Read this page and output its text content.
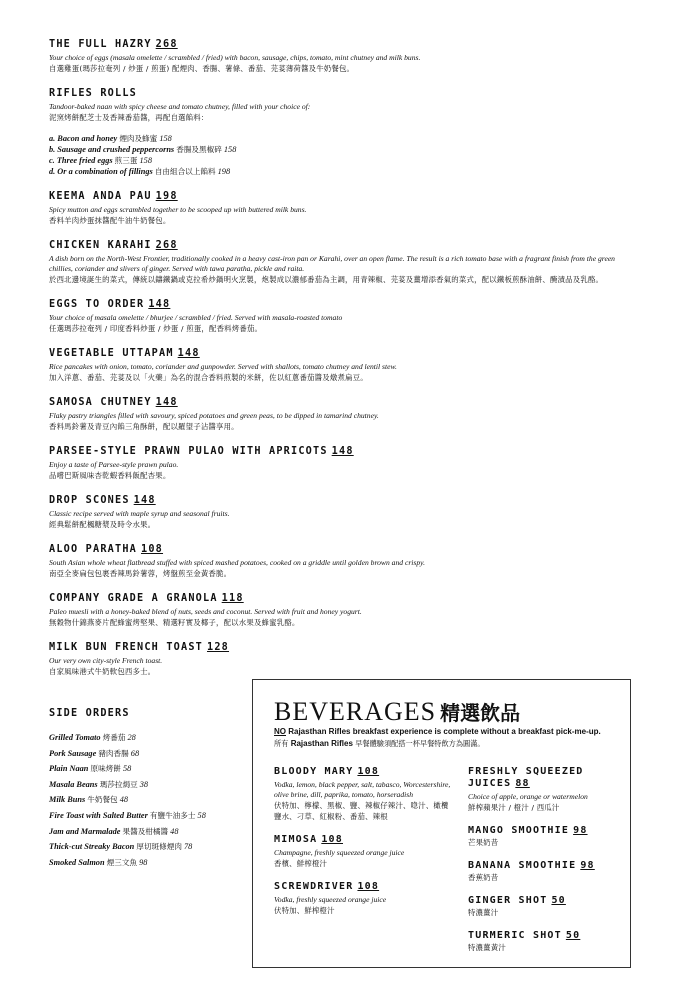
THE FULL HAZRY 268
Your choice of eggs (masala omelette / scrambled / fried) with bacon, sausage, chips, tomato, mint chutney and milk buns.
自選雞蛋(瑪莎拉奄列 / 炒蛋 / 煎蛋) 配煙肉、香腸、薯條、番茄、芫荽薄荷醬及牛奶餐包。
RIFLES ROLLS
Tandoor-baked naan with spicy cheese and tomato chutney, filled with your choice of:
泥窯烤餅配芝士及香辣番茄醬，再配自選餡料：
a. Bacon and honey 煙肉及蜂蜜 158
b. Sausage and crushed peppercorns 香腸及黑椒碎 158
c. Three fried eggs 煎三蛋 158
d. Or a combination of fillings 自由組合以上餡料 198
KEEMA ANDA PAU 198
Spicy mutton and eggs scrambled together to be scooped up with buttered milk buns.
香料羊肉炒蛋抹醬配牛油牛奶餐包。
CHICKEN KARAHI 268
A dish born on the North-West Frontier, traditionally cooked in a heavy cast-iron pan or Karahi, over an open flame. The result is a rich tomato base with a fragrant finish from the green chillies, coriander and slivers of ginger. Served with tawa paratha, pickle and raita.
於西北邊境誕生的菜式，傳統以鑄鐵鍋或克拉希炒鍋明火烹製，炮製成以濃郁番茄為主調，用青辣椒、芫荽及薑增添香氣的菜式，配以鐵板煎酥油餅、醃漬品及乳酪。
EGGS TO ORDER 148
Your choice of masala omelette / bhurjee / scrambled / fried. Served with masala-roasted tomato
任選瑪莎拉奄列 / 印度香料炒蛋 / 炒蛋 / 煎蛋，配香料烤番茄。
VEGETABLE UTTAPAM 148
Rice pancakes with onion, tomato, coriander and gunpowder. Served with shallots, tomato chutney and lentil stew.
加入洋蔥、番茄、芫荽及以「火藥」為名的混合香料煎製的米餅，佐以紅蔥番茄醬及燉煮扁豆。
SAMOSA CHUTNEY 148
Flaky pastry triangles filled with savoury, spiced potatoes and green peas, to be dipped in tamarind chutney.
香料馬鈴薯及青豆內餡三角酥餅，配以羅望子沾醬享用。
PARSEE-STYLE PRAWN PULAO WITH APRICOTS 148
Enjoy a taste of Parsee-style prawn pulao.
品嚐巴斯風味杏乾蝦香料飯配杏果。
DROP SCONES 148
Classic recipe served with maple syrup and seasonal fruits.
經典鬆餅配楓糖漿及時令水果。
ALOO PARATHA 108
South Asian whole wheat flatbread stuffed with spiced mashed potatoes, cooked on a griddle until golden brown and crispy.
南亞全麥扁包包裹香辣馬鈴薯蓉，烤盤煎至金黃香脆。
COMPANY GRADE A GRANOLA 118
Paleo muesli with a honey-baked blend of nuts, seeds and coconut. Served with fruit and honey yogurt.
無穀物什錦燕麥片配蜂蜜烤堅果、精選籽實及椰子，配以水果及蜂蜜乳酪。
MILK BUN FRENCH TOAST 128
Our very own city-style French toast.
自家風味港式牛奶軟包西多士。
SIDE ORDERS
Grilled Tomato 烤番茄 28
Pork Sausage 豬肉香腸 68
Plain Naan 原味烤餅 58
Masala Beans 瑪莎拉焗豆 38
Milk Buns 牛奶餐包 48
Fire Toast with Salted Butter 有鹽牛油多士 58
Jam and Marmalade 果醬及柑橘醬 48
Thick-cut Streaky Bacon 厚切斑條煙肉 78
Smoked Salmon 煙三文魚 98
BEVERAGES 精選飲品
NO Rajasthan Rifles breakfast experience is complete without a breakfast pick-me-up.
所有 Rajasthan Rifles 早餐體驗須配搭一杯早餐特飲方為圓滿。
BLOODY MARY 108
Vodka, lemon, black pepper, salt, tabasco, Worcestershire, olive brine, dill, paprika, tomato, horseradish
伏特加、檸檬、黑椒、鹽、辣椒仔辣汁、喼汁、橄欖鹽水、刁草、紅椒粉、番茄、辣根
MIMOSA 108
Champagne, freshly squeezed orange juice
香檳、鮮榨橙汁
SCREWDRIVER 108
Vodka, freshly squeezed orange juice
伏特加、鮮榨橙汁
FRESHLY SQUEEZED JUICES 88
Choice of apple, orange or watermelon
鮮榨蘋果汁 / 橙汁 / 西瓜汁
MANGO SMOOTHIE 98
芒果奶昔
BANANA SMOOTHIE 98
香蕉奶昔
GINGER SHOT 50
特濃薑汁
TURMERIC SHOT 50
特濃薑黃汁
